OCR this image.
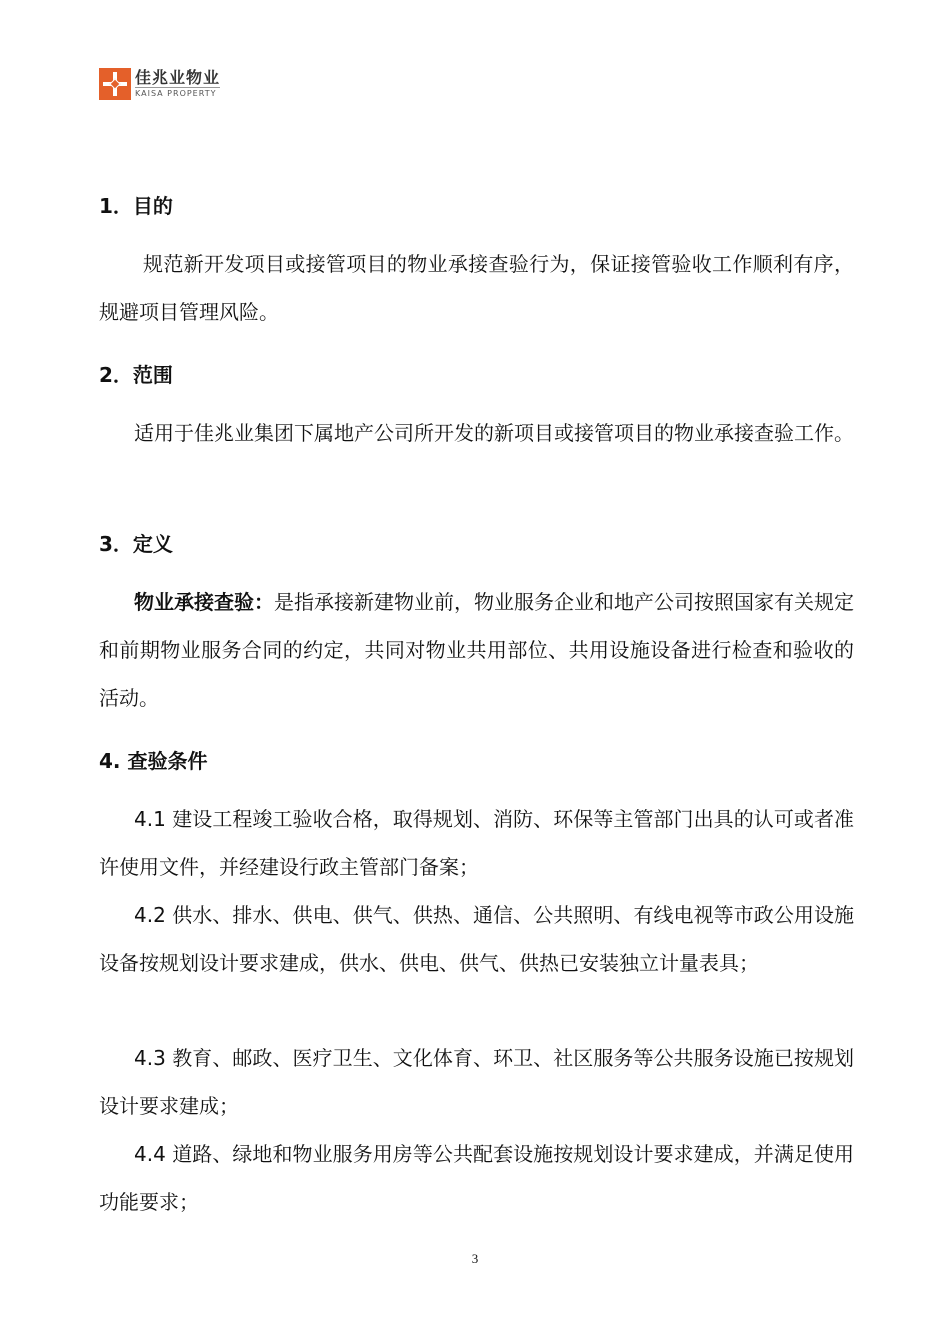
佳兆业物业
KAISA PROPERTY
1．目的
规范新开发项目或接管项目的物业承接查验行为，保证接管验收工作顺利有序，规避项目管理风险。
2．范围
适用于佳兆业集团下属地产公司所开发的新项目或接管项目的物业承接查验工作。
3．定义
物业承接查验：是指承接新建物业前，物业服务企业和地产公司按照国家有关规定和前期物业服务合同的约定，共同对物业共用部位、共用设施设备进行检查和验收的活动。
4. 查验条件
4.1 建设工程竣工验收合格，取得规划、消防、环保等主管部门出具的认可或者准许使用文件，并经建设行政主管部门备案；
4.2 供水、排水、供电、供气、供热、通信、公共照明、有线电视等市政公用设施设备按规划设计要求建成，供水、供电、供气、供热已安装独立计量表具；
4.3 教育、邮政、医疗卫生、文化体育、环卫、社区服务等公共服务设施已按规划设计要求建成；
4.4 道路、绿地和物业服务用房等公共配套设施按规划设计要求建成，并满足使用功能要求；
3
